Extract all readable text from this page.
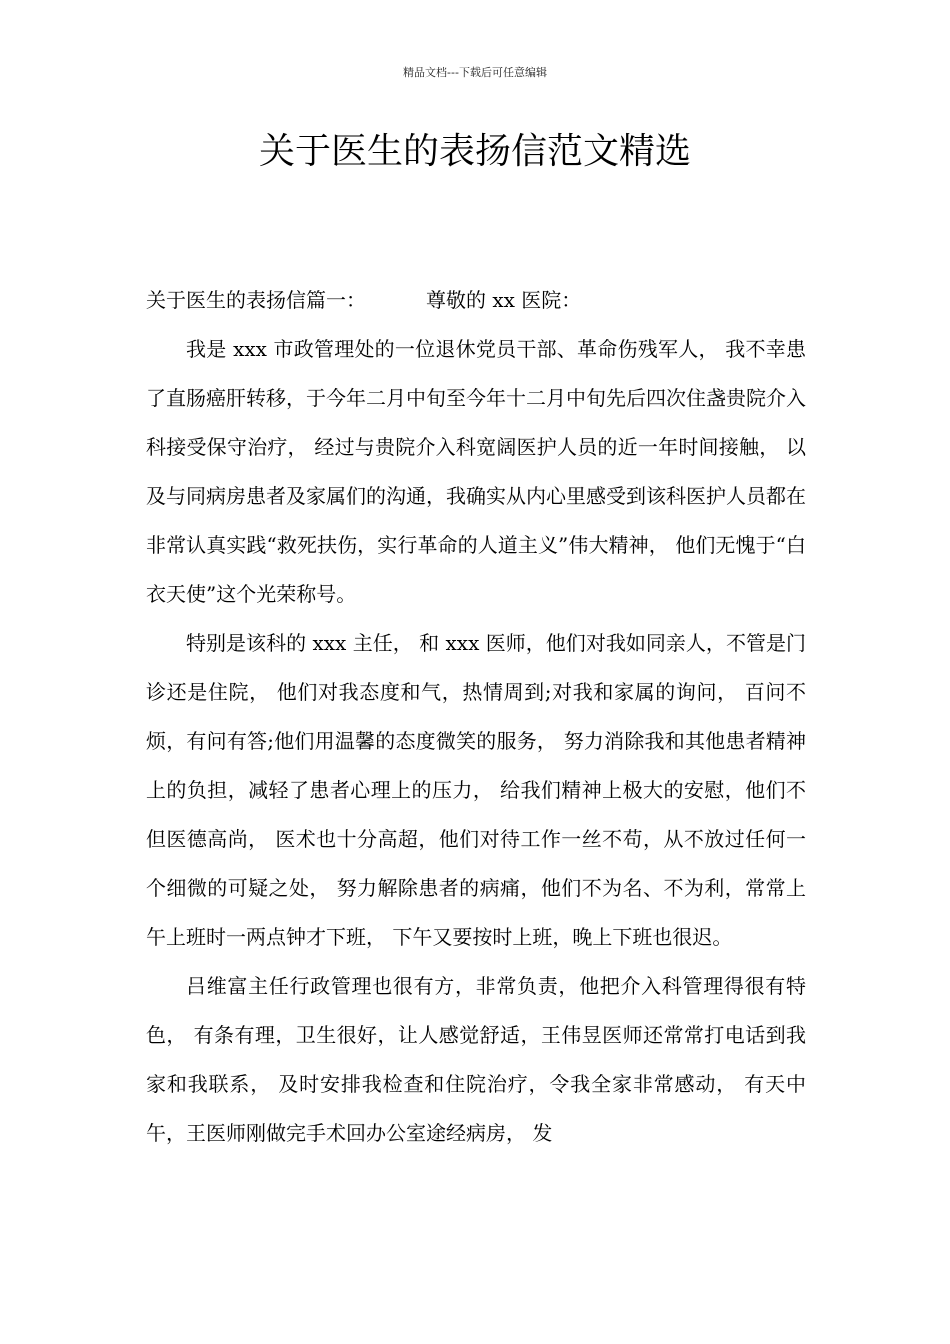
精品文档---下载后可任意编辑
关于医生的表扬信范文精选

关于医生的表扬信篇一：	尊敬的 xx 医院：

我是 xxx 市政管理处的一位退休党员干部、革命伤残军人， 我不幸患了直肠癌肝转移，于今年二月中旬至今年十二月中旬先后四次住盏贵院介入科接受保守治疗， 经过与贵院介入科宽阔医护人员的近一年时间接触， 以及与同病房患者及家属们的沟通，我确实从内心里感受到该科医护人员都在非常认真实践“救死扶伤，实行革命的人道主义”伟大精神， 他们无愧于“白衣天使”这个光荣称号。

特别是该科的 xxx 主任， 和 xxx 医师，他们对我如同亲人，不管是门诊还是住院， 他们对我态度和气，热情周到;对我和家属的询问， 百问不烦，有问有答;他们用温馨的态度微笑的服务， 努力消除我和其他患者精神上的负担，减轻了患者心理上的压力， 给我们精神上极大的安慰，他们不但医德高尚， 医术也十分高超，他们对待工作一丝不苟，从不放过任何一个细微的可疑之处， 努力解除患者的病痛，他们不为名、不为利，常常上午上班时一两点钟才下班， 下午又要按时上班，晚上下班也很迟。

吕维富主任行政管理也很有方，非常负责，他把介入科管理得很有特色， 有条有理，卫生很好，让人感觉舒适，王伟昱医师还常常打电话到我家和我联系， 及时安排我检查和住院治疗，令我全家非常感动， 有天中午，王医师刚做完手术回办公室途经病房， 发
